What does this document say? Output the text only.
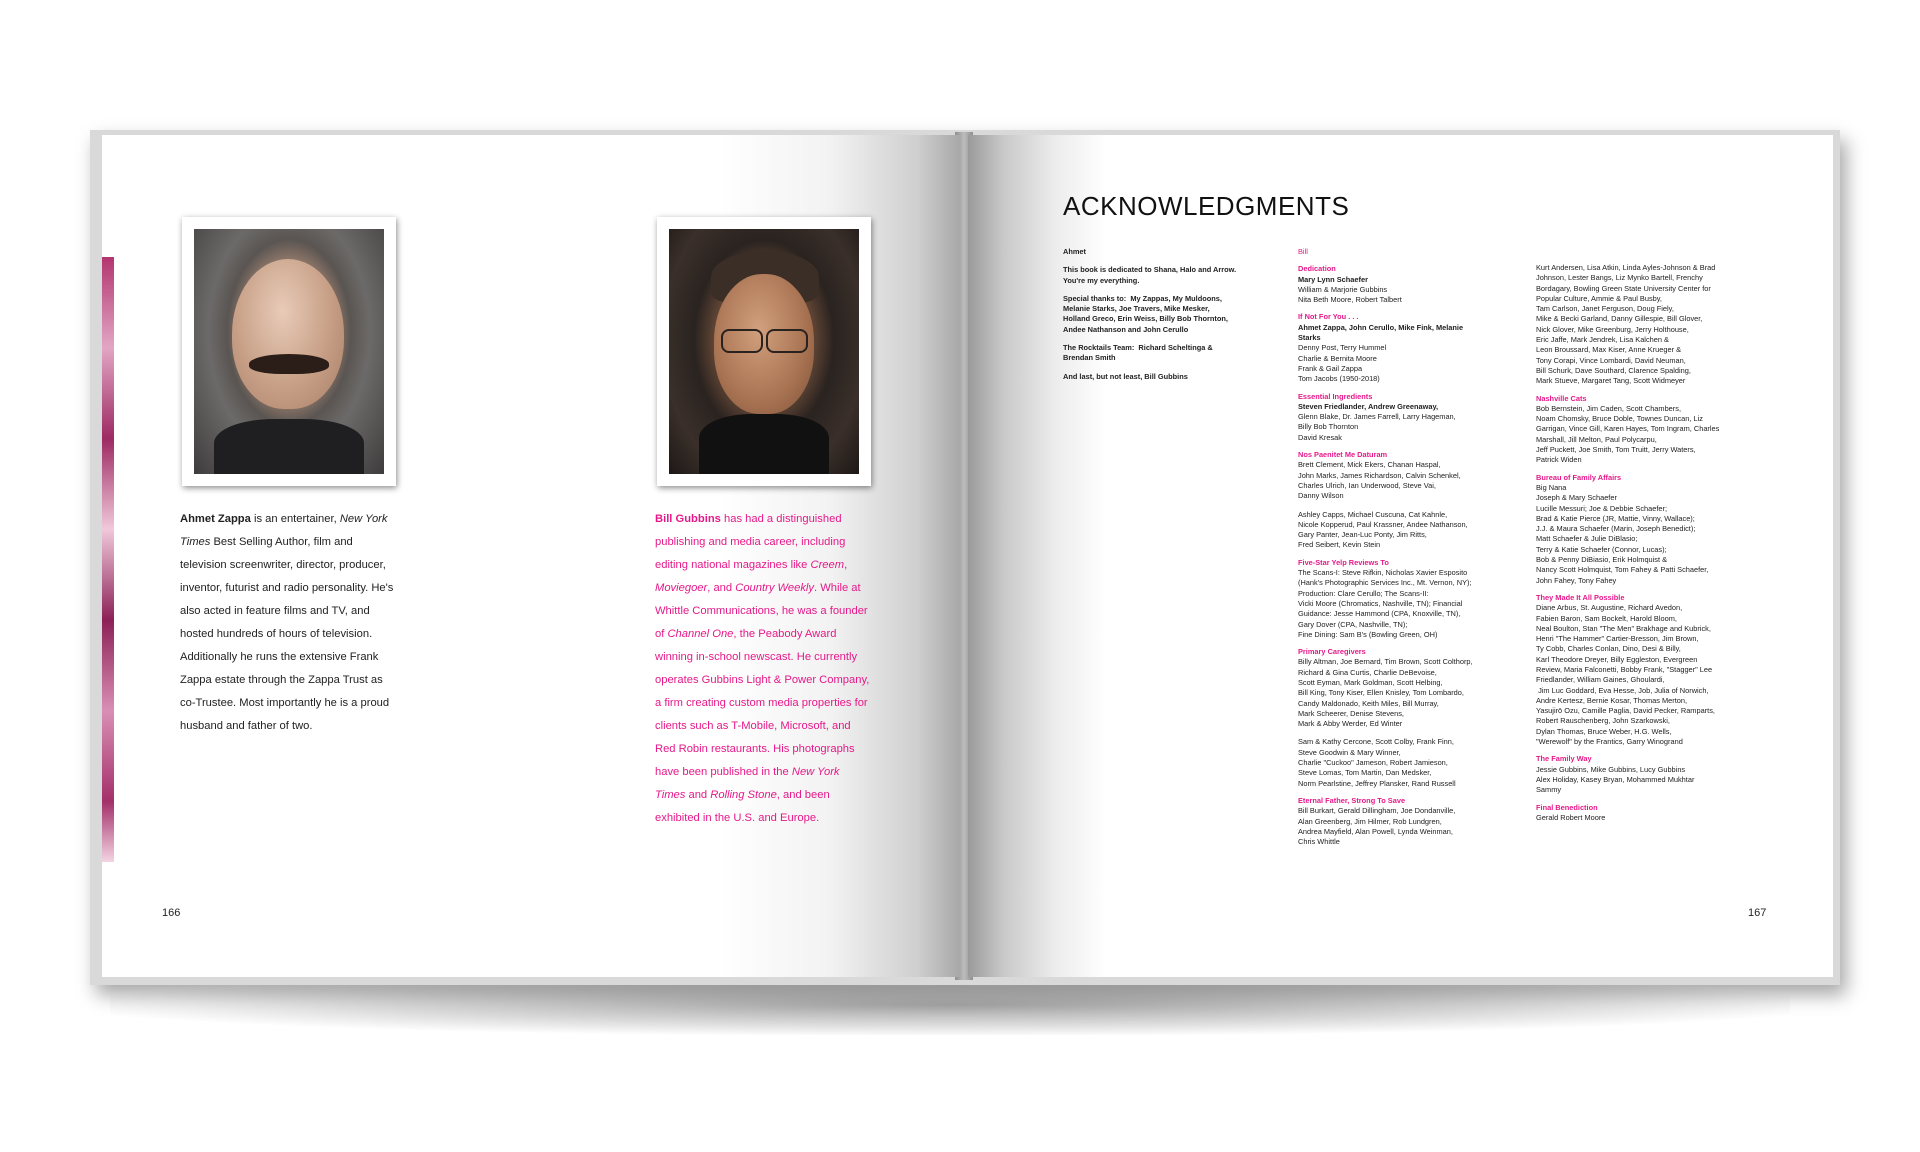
Ahmet Zappa is an entertainer, New York Times Best Selling Author, film and television screenwriter, director, producer, inventor, futurist and radio personality. He's also acted in feature films and TV, and hosted hundreds of hours of television. Additionally he runs the extensive Frank Zappa estate through the Zappa Trust as co-Trustee. Most importantly he is a proud husband and father of two.
Bill Gubbins has had a distinguished publishing and media career, including editing national magazines like Creem, Moviegoer, and Country Weekly. While at Whittle Communications, he was a founder of Channel One, the Peabody Award winning in-school newscast. He currently operates Gubbins Light & Power Company, a firm creating custom media properties for clients such as T-Mobile, Microsoft, and Red Robin restaurants. His photographs have been published in the New York Times and Rolling Stone, and been exhibited in the U.S. and Europe.
166
ACKNOWLEDGMENTS
Ahmet
This book is dedicated to Shana, Halo and Arrow.
You're my everything.
Special thanks to:  My Zappas, My Muldoons,
Melanie Starks, Joe Travers, Mike Mesker,
Holland Greco, Erin Weiss, Billy Bob Thornton,
Andee Nathanson and John Cerullo
The Rocktails Team:  Richard Scheltinga &
Brendan Smith
And last, but not least, Bill Gubbins
Bill
Dedication
Mary Lynn Schaefer
William & Marjorie Gubbins
Nita Beth Moore, Robert Talbert
If Not For You . . .
Ahmet Zappa, John Cerullo, Mike Fink, Melanie
Starks
Denny Post, Terry Hummel
Charlie & Bernita Moore
Frank & Gail Zappa
Tom Jacobs (1950-2018)
Essential Ingredients
Steven Friedlander, Andrew Greenaway,
Glenn Blake, Dr. James Farrell, Larry Hageman,
Billy Bob Thornton
David Kresak
Nos Paenitet Me Daturam
Brett Clement, Mick Ekers, Chanan Haspal,
John Marks, James Richardson, Calvin Schenkel,
Charles Ulrich, Ian Underwood, Steve Vai,
Danny Wilson
Ashley Capps, Michael Cuscuna, Cat Kahnle,
Nicole Kopperud, Paul Krassner, Andee Nathanson,
Gary Panter, Jean-Luc Ponty, Jim Ritts,
Fred Seibert, Kevin Stein
Five-Star Yelp Reviews To
The Scans-I: Steve Rifkin, Nicholas Xavier Esposito
(Hank's Photographic Services Inc., Mt. Vernon, NY);
Production: Clare Cerullo; The Scans-II:
Vicki Moore (Chromatics, Nashville, TN); Financial
Guidance: Jesse Hammond (CPA, Knoxville, TN),
Gary Dover (CPA, Nashville, TN);
Fine Dining: Sam B's (Bowling Green, OH)
Primary Caregivers
Billy Altman, Joe Bernard, Tim Brown, Scott Colthorp,
Richard & Gina Curtis, Charlie DeBevoise,
Scott Eyman, Mark Goldman, Scott Helbing,
Bill King, Tony Kiser, Ellen Knisley, Tom Lombardo,
Candy Maldonado, Keith Miles, Bill Murray,
Mark Scheerer, Denise Stevens,
Mark & Abby Werder, Ed Winter
Sam & Kathy Cercone, Scott Colby, Frank Finn,
Steve Goodwin & Mary Winner,
Charlie "Cuckoo" Jameson, Robert Jamieson,
Steve Lomas, Tom Martin, Dan Medsker,
Norm Pearlstine, Jeffrey Plansker, Rand Russell
Eternal Father, Strong To Save
Bill Burkart, Gerald Dillingham, Joe Dondanville,
Alan Greenberg, Jim Hilmer, Rob Lundgren,
Andrea Mayfield, Alan Powell, Lynda Weinman,
Chris Whittle
Kurt Andersen, Lisa Atkin, Linda Ayles-Johnson & Brad
Johnson, Lester Bangs, Liz Mynko Bartell, Frenchy
Bordagary, Bowling Green State University Center for
Popular Culture, Ammie & Paul Busby,
Tam Carlson, Janet Ferguson, Doug Fiely,
Mike & Becki Garland, Danny Gillespie, Bill Glover,
Nick Glover, Mike Greenburg, Jerry Holthouse,
Eric Jaffe, Mark Jendrek, Lisa Kalchen &
Leon Broussard, Max Kiser, Anne Krueger &
Tony Corapi, Vince Lombardi, David Neuman,
Bill Schurk, Dave Southard, Clarence Spalding,
Mark Stueve, Margaret Tang, Scott Widmeyer
Nashville Cats
Bob Bernstein, Jim Caden, Scott Chambers,
Noam Chomsky, Bruce Doble, Townes Duncan, Liz
Garrigan, Vince Gill, Karen Hayes, Tom Ingram, Charles
Marshall, Jill Melton, Paul Polycarpu,
Jeff Puckett, Joe Smith, Tom Truitt, Jerry Waters,
Patrick Widen
Bureau of Family Affairs
Big Nana
Joseph & Mary Schaefer
Lucille Messuri; Joe & Debbie Schaefer;
Brad & Katie Pierce (JR, Mattie, Vinny, Wallace);
J.J. & Maura Schaefer (Marin, Joseph Benedict);
Matt Schaefer & Julie DiBlasio;
Terry & Katie Schaefer (Connor, Lucas);
Bob & Penny DiBiasio, Erik Holmquist &
Nancy Scott Holmquist, Tom Fahey & Patti Schaefer,
John Fahey, Tony Fahey
They Made It All Possible
Diane Arbus, St. Augustine, Richard Avedon,
Fabien Baron, Sam Bockelt, Harold Bloom,
Neal Boulton, Stan "The Men" Brakhage and Kubrick,
Henri "The Hammer" Cartier-Bresson, Jim Brown,
Ty Cobb, Charles Conlan, Dino, Desi & Billy,
Karl Theodore Dreyer, Billy Eggleston, Evergreen
Review, Maria Falconetti, Bobby Frank, "Stagger" Lee
Friedlander, William Gaines, Ghoulardi,
Jim Luc Goddard, Eva Hesse, Job, Julia of Norwich,
Andre Kertesz, Bernie Kosar, Thomas Merton,
Yasujirō Ozu, Camille Paglia, David Pecker, Ramparts,
Robert Rauschenberg, John Szarkowski,
Dylan Thomas, Bruce Weber, H.G. Wells,
"Werewolf" by the Frantics, Garry Winogrand
The Family Way
Jessie Gubbins, Mike Gubbins, Lucy Gubbins
Alex Holiday, Kasey Bryan, Mohammed Mukhtar
Sammy
Final Benediction
Gerald Robert Moore
167
